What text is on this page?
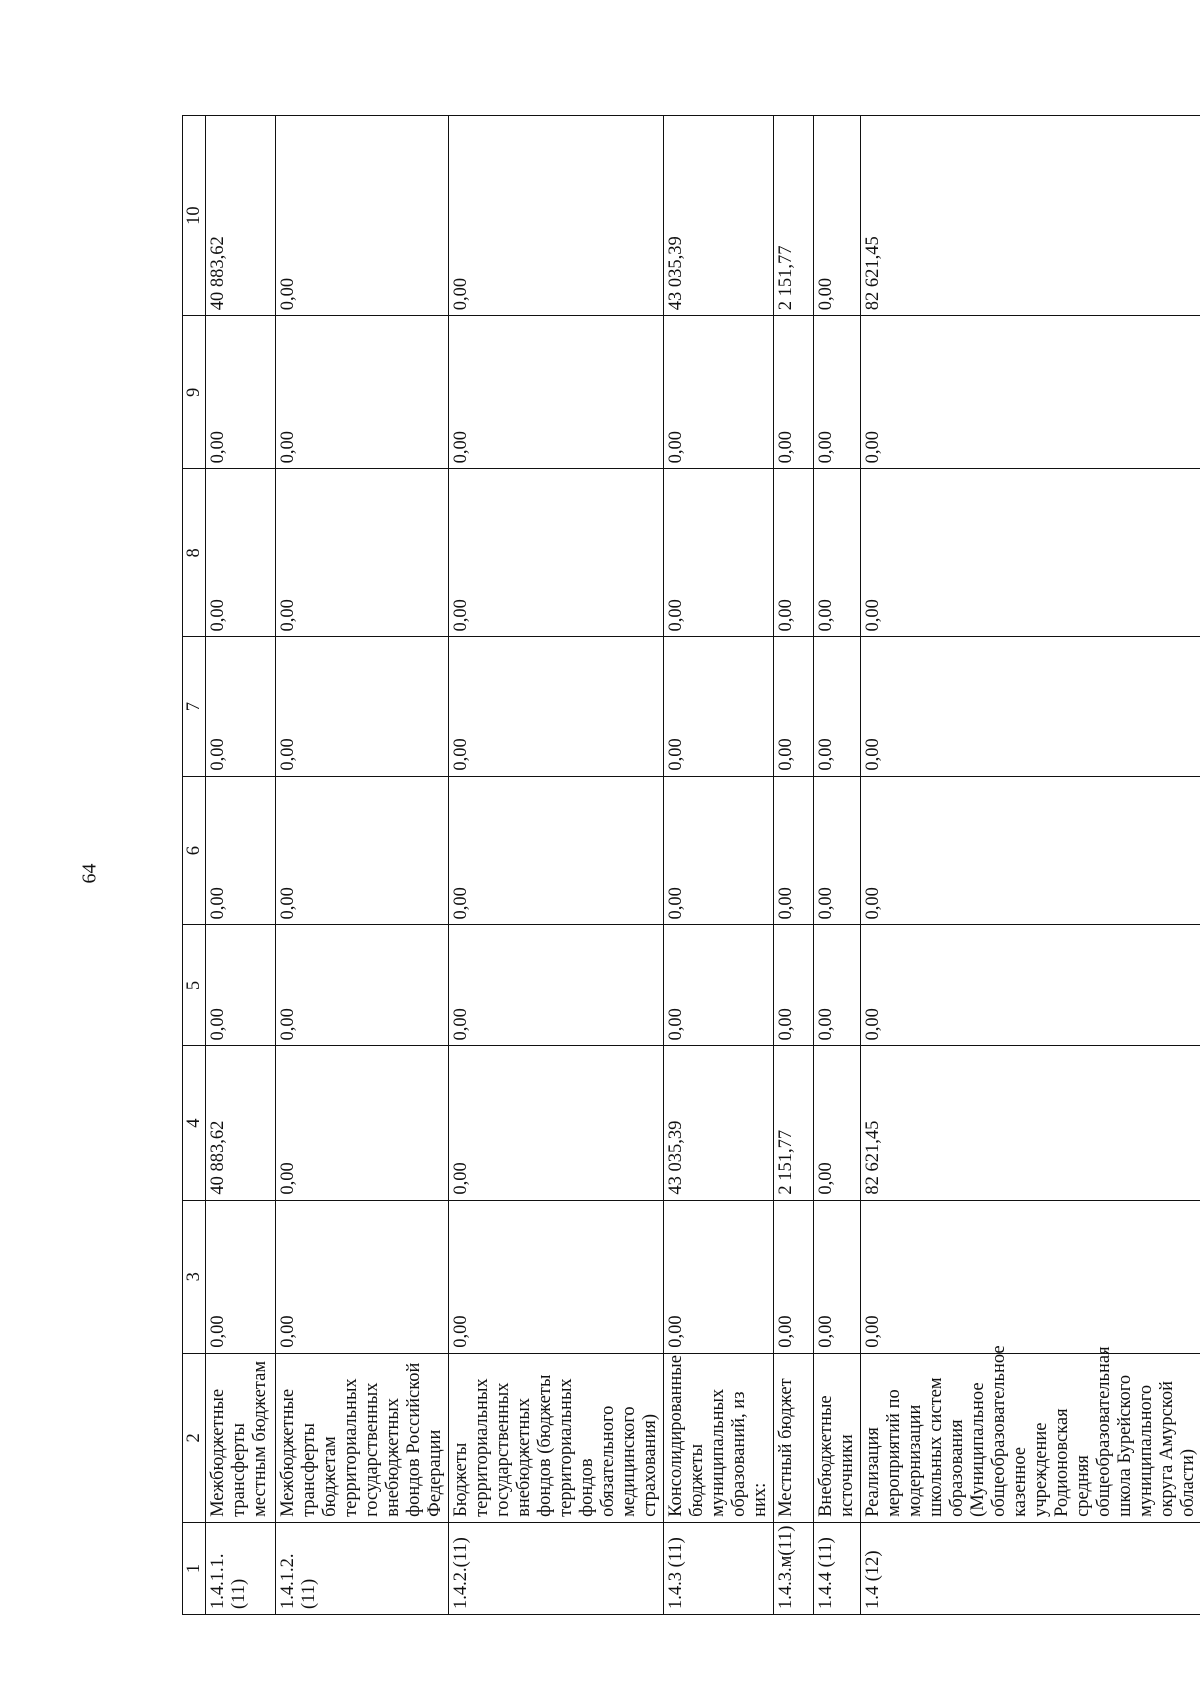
64
1	2	3	4	5	6	7	8	9	10
1.4.1.1.(11)	Межбюджетные трансферты местным бюджетам	0,00	40 883,62	0,00	0,00	0,00	0,00	0,00	40 883,62
1.4.1.2.(11)	Межбюджетные трансферты бюджетам территориальных государственных внебюджетных фондов Российской Федерации	0,00	0,00	0,00	0,00	0,00	0,00	0,00	0,00
1.4.2.(11)	Бюджеты территориальных государственных внебюджетных фондов (бюджеты территориальных фондов обязательного медицинского страхования)	0,00	0,00	0,00	0,00	0,00	0,00	0,00	0,00
1.4.3 (11)	Консолидированные бюджеты муниципальных образований, из них:	0,00	43 035,39	0,00	0,00	0,00	0,00	0,00	43 035,39
1.4.3.м(11)	Местный бюджет	0,00	2 151,77	0,00	0,00	0,00	0,00	0,00	2 151,77
1.4.4 (11)	Внебюджетные источники	0,00	0,00	0,00	0,00	0,00	0,00	0,00	0,00
1.4 (12)	Реализация мероприятий по модернизации школьных систем образования (Муниципальное общеобразовательное казенное учреждение Родионовская средняя общеобразовательная школа Бурейского муниципального округа Амурской области)	0,00	82 621,45	0,00	0,00	0,00	0,00	0,00	82 621,45
